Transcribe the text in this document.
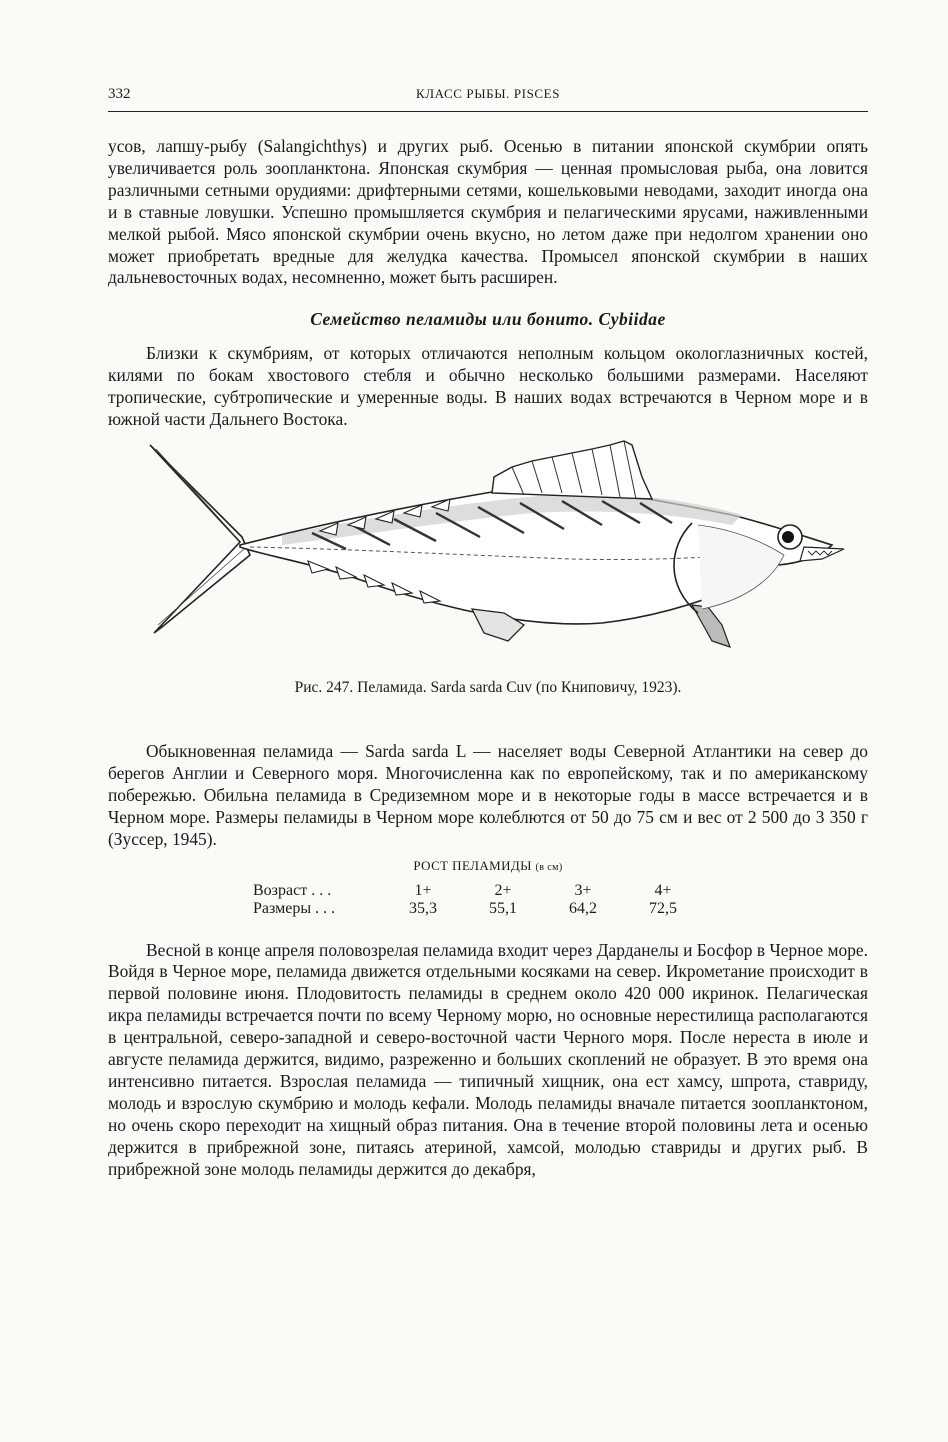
332	КЛАСС РЫБЫ. PISCES

усов, лапшу-рыбу (Salangichthys) и других рыб. Осенью в питании японской скумбрии опять увеличивается роль зоопланктона. Японская скумбрия — ценная промысловая рыба, она ловится различными сетными орудиями: дрифтерными сетями, кошельковыми неводами, заходит иногда она и в ставные ловушки. Успешно промышляется скумбрия и пелагическими ярусами, наживленными мелкой рыбой. Мясо японской скумбрии очень вкусно, но летом даже при недолгом хранении оно может приобретать вредные для желудка качества. Промысел японской скумбрии в наших дальневосточных водах, несомненно, может быть расширен.

Семейство пеламиды или бонито. Cybiidae

Близки к скумбриям, от которых отличаются неполным кольцом окологлазничных костей, килями по бокам хвостового стебля и обычно несколько большими размерами. Населяют тропические, субтропические и умеренные воды. В наших водах встречаются в Черном море и в южной части Дальнего Востока.

Рис. 247. Пеламида. Sarda sarda Cuv (по Книповичу, 1923).

Обыкновенная пеламида — Sarda sarda L — населяет воды Северной Атлантики на север до берегов Англии и Северного моря. Многочисленна как по европейскому, так и по американскому побережью. Обильна пеламида в Средиземном море и в некоторые годы в массе встречается и в Черном море. Размеры пеламиды в Черном море колеблются от 50 до 75 см и вес от 2 500 до 3 350 г (Зуссер, 1945).

РОСТ ПЕЛАМИДЫ (в см)
Возраст . . .	1+	2+	3+	4+
Размеры . . .	35,3	55,1	64,2	72,5

Весной в конце апреля половозрелая пеламида входит через Дарданелы и Босфор в Черное море. Войдя в Черное море, пеламида движется отдельными косяками на север. Икрометание происходит в первой половине июня. Плодовитость пеламиды в среднем около 420 000 икринок. Пелагическая икра пеламиды встречается почти по всему Черному морю, но основные нерестилища располагаются в центральной, северо-западной и северо-восточной части Черного моря. После нереста в июле и августе пеламида держится, видимо, разреженно и больших скоплений не образует. В это время она интенсивно питается. Взрослая пеламида — типичный хищник, она ест хамсу, шпрота, ставриду, молодь и взрослую скумбрию и молодь кефали. Молодь пеламиды вначале питается зоопланктоном, но очень скоро переходит на хищный образ питания. Она в течение второй половины лета и осенью держится в прибрежной зоне, питаясь атериной, хамсой, молодью ставриды и других рыб. В прибрежной зоне молодь пеламиды держится до декабря,
